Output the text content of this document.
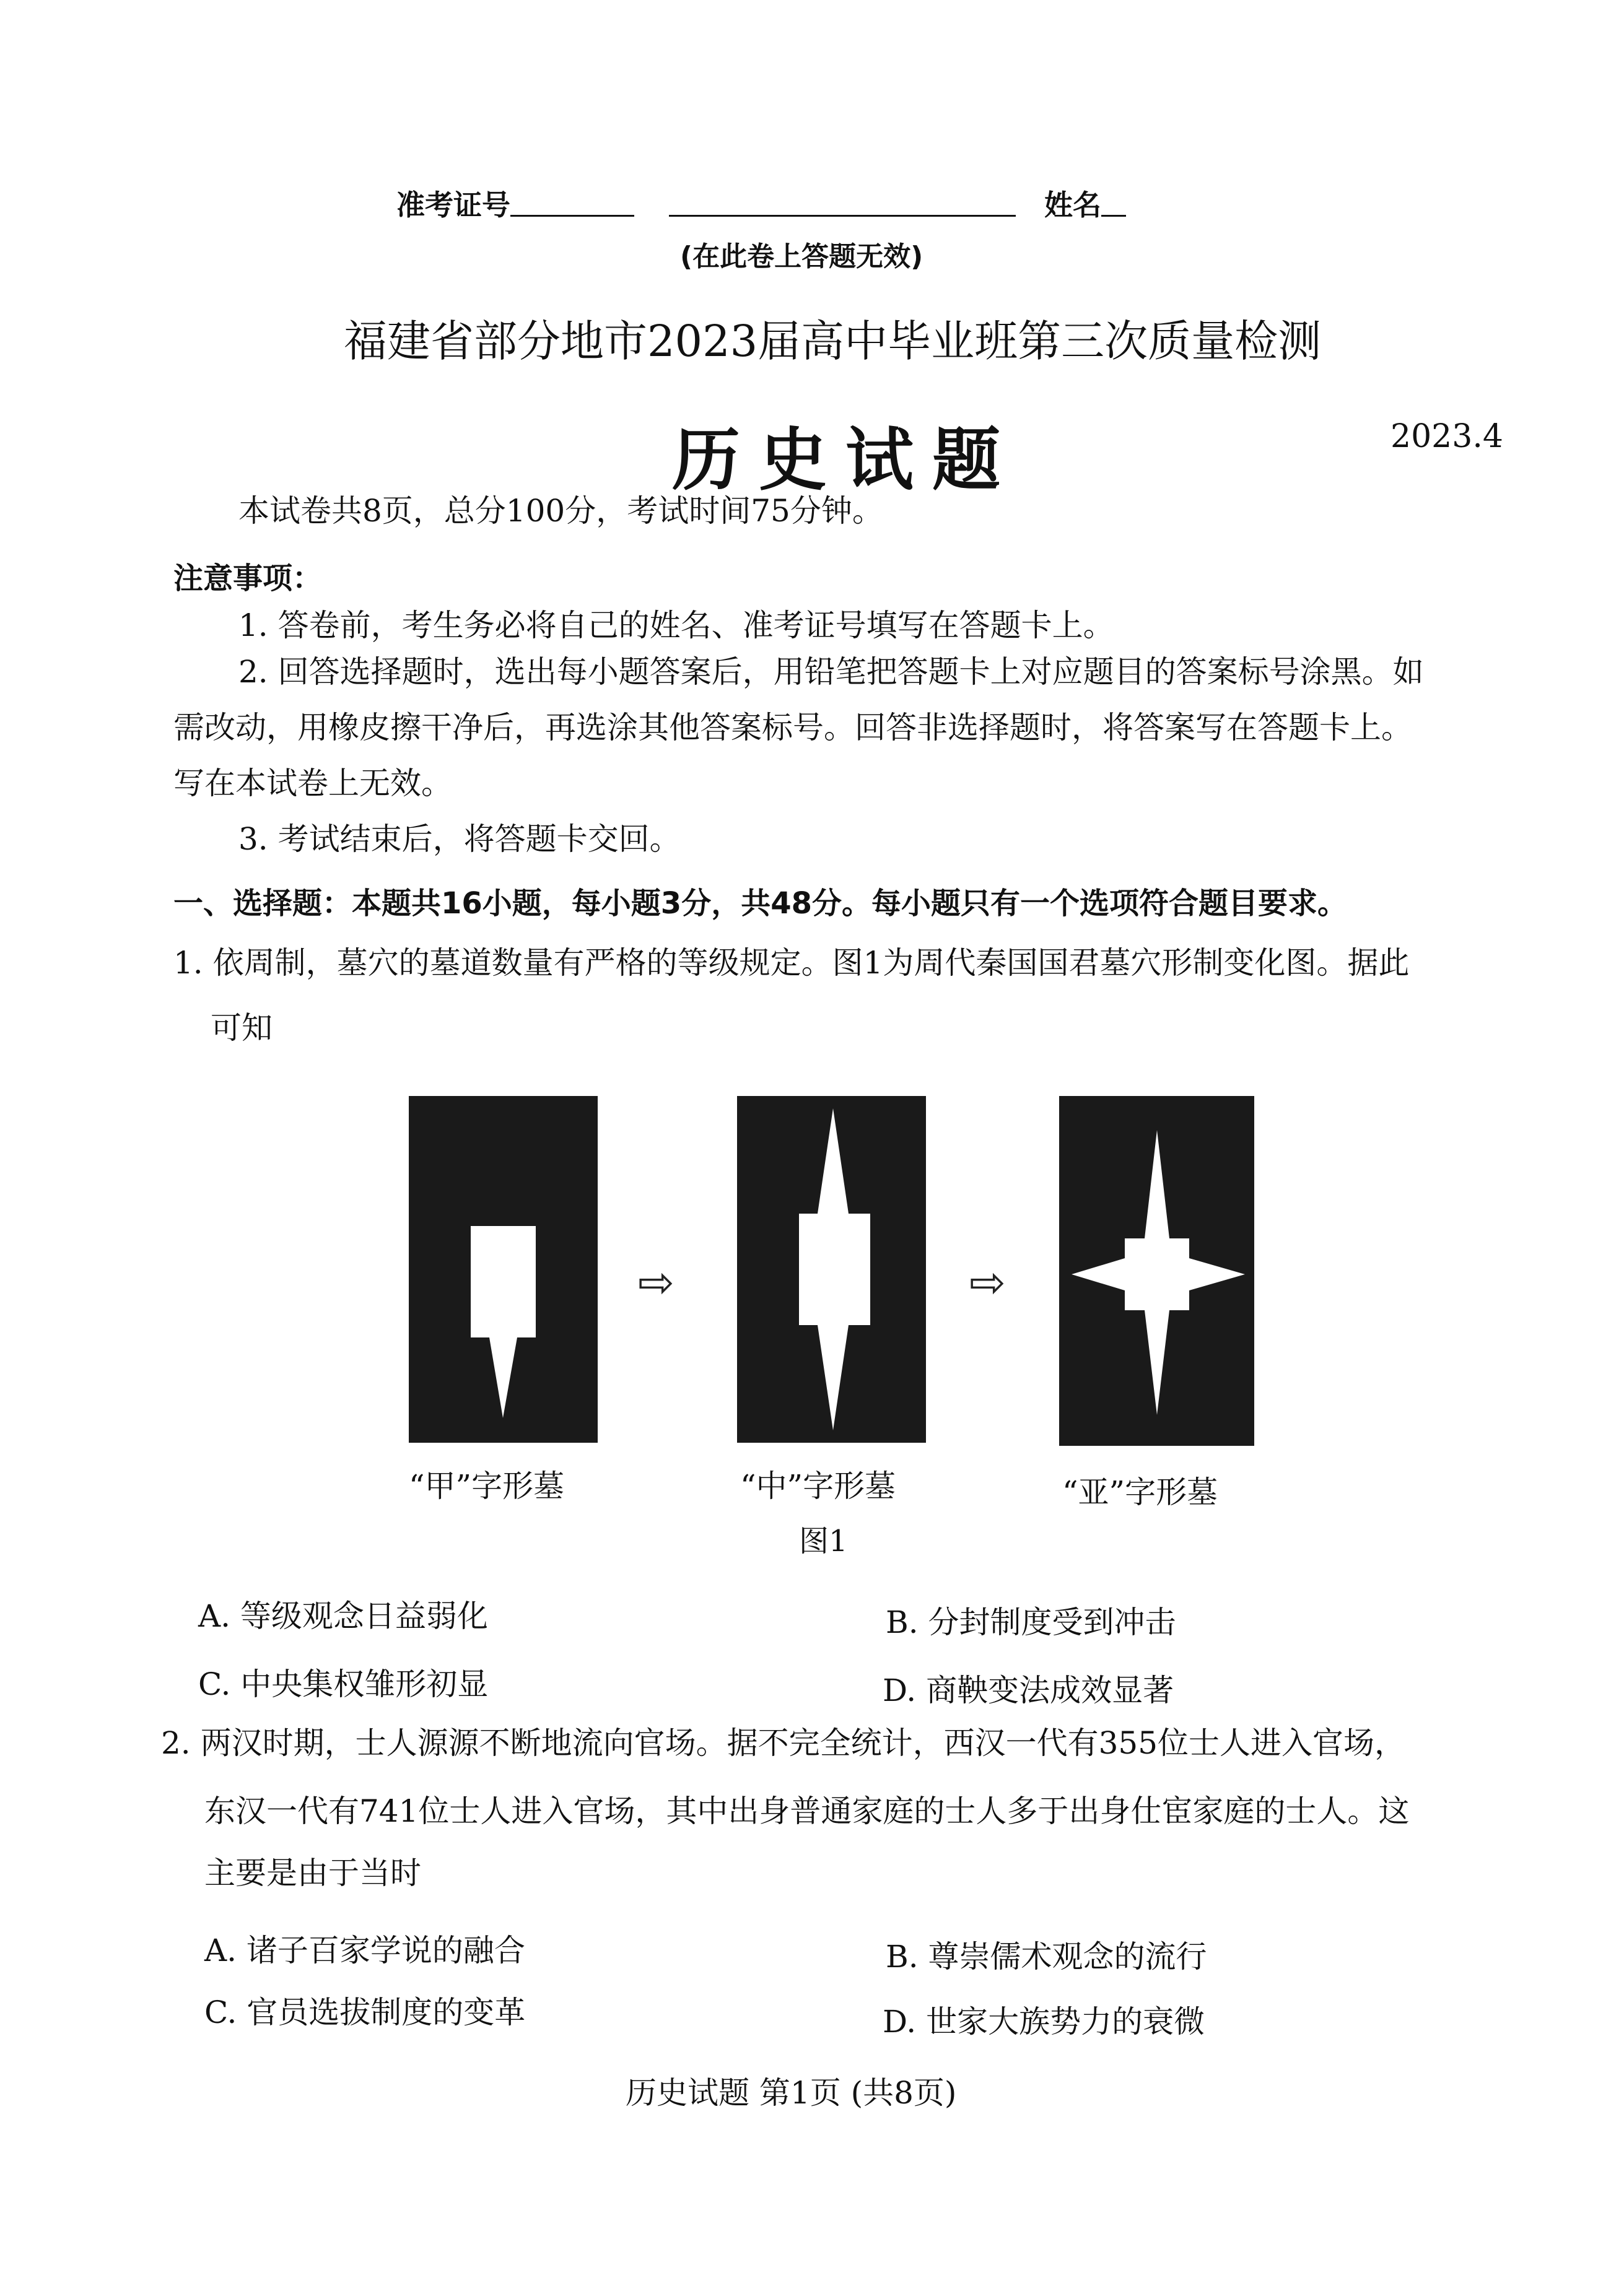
准考证号	姓名
(在此卷上答题无效)
福建省部分地市2023届高中毕业班第三次质量检测
历史试题	2023.4
本试卷共8页，总分100分，考试时间75分钟。
注意事项：
1. 答卷前，考生务必将自己的姓名、准考证号填写在答题卡上。
2. 回答选择题时，选出每小题答案后，用铅笔把答题卡上对应题目的答案标号涂黑。如
需改动，用橡皮擦干净后，再选涂其他答案标号。回答非选择题时，将答案写在答题卡上。
写在本试卷上无效。
3. 考试结束后，将答题卡交回。
一、选择题：本题共16小题，每小题3分，共48分。每小题只有一个选项符合题目要求。
1. 依周制，墓穴的墓道数量有严格的等级规定。图1为周代秦国国君墓穴形制变化图。据此
可知
⇨	⇨
“甲”字形墓	“中”字形墓	“亚”字形墓
图1
A. 等级观念日益弱化	B. 分封制度受到冲击
C. 中央集权雏形初显	D. 商鞅变法成效显著
2. 两汉时期，士人源源不断地流向官场。据不完全统计，西汉一代有355位士人进入官场，
东汉一代有741位士人进入官场，其中出身普通家庭的士人多于出身仕宦家庭的士人。这
主要是由于当时
A. 诸子百家学说的融合	B. 尊崇儒术观念的流行
C. 官员选拔制度的变革	D. 世家大族势力的衰微
历史试题 第1页 (共8页)
